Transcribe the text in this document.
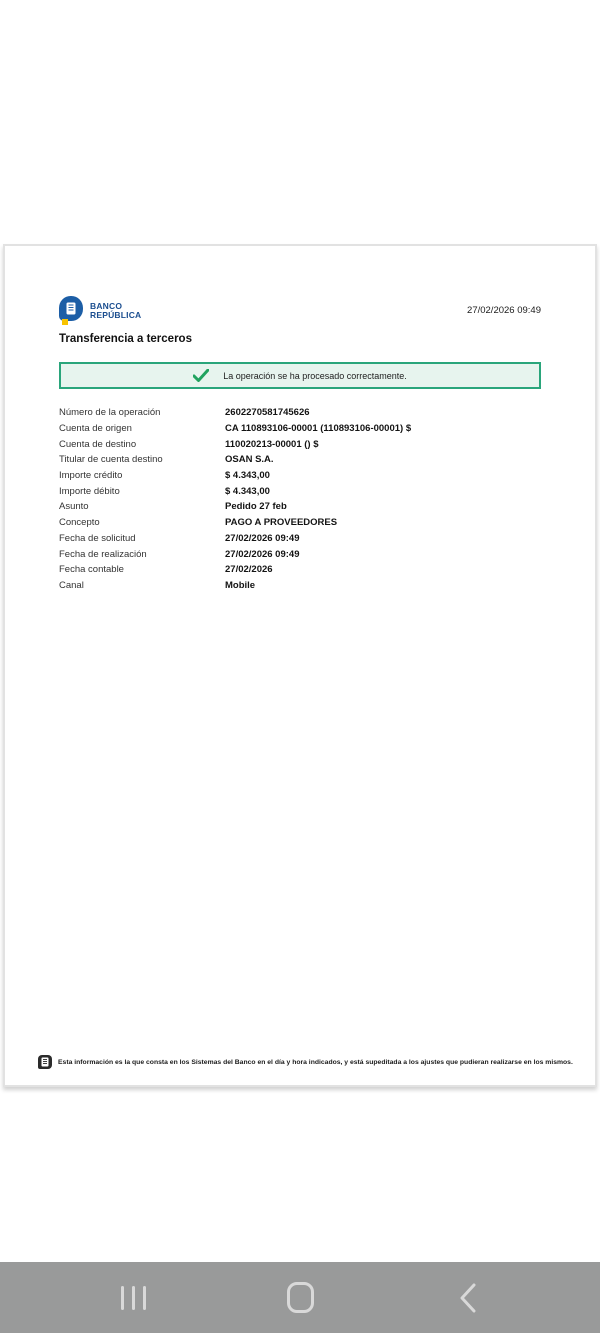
BANCO
REPÚBLICA	27/02/2026 09:49
Transferencia a terceros
La operación se ha procesado correctamente.
Número de la operación	2602270581745626
Cuenta de origen	CA 110893106-00001 (110893106-00001) $
Cuenta de destino	110020213-00001 () $
Titular de cuenta destino	OSAN S.A.
Importe crédito	$ 4.343,00
Importe débito	$ 4.343,00
Asunto	Pedido 27 feb
Concepto	PAGO A PROVEEDORES
Fecha de solicitud	27/02/2026 09:49
Fecha de realización	27/02/2026 09:49
Fecha contable	27/02/2026
Canal	Mobile
Esta información es la que consta en los Sistemas del Banco en el día y hora indicados, y está supeditada a los ajustes que pudieran realizarse en los mismos.
